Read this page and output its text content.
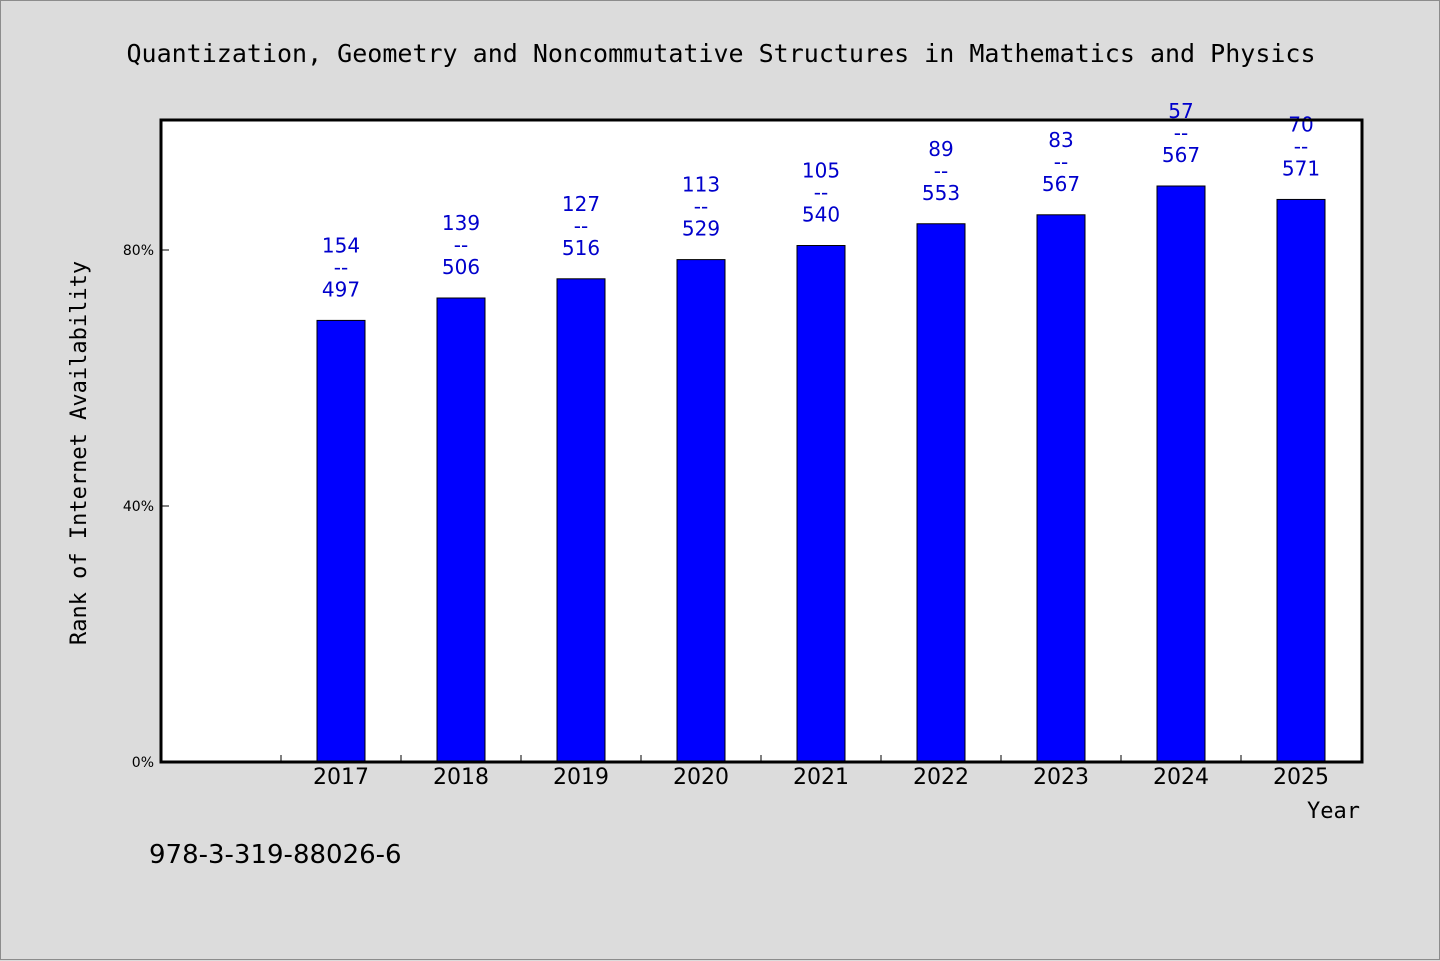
Quantization, Geometry and Noncommutative Structures in Mathematics and Physics
154
--
497
139
--
506
127
--
516
113
--
529
105
--
540
89
--
553
83
--
567
57
--
567
70
--
571
2017	2018	2019	2020	2021	2022	2023	2024	2025
0%
40%
80%
Rank of Internet Availability
Year
978-3-319-88026-6
